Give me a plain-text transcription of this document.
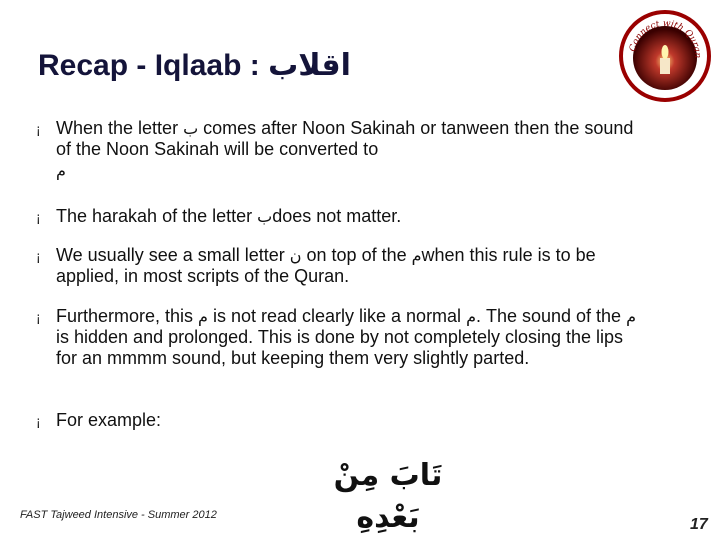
Recap - Iqlaab : اقلاب	Connect with Quran
¡ When the letter ب comes after Noon Sakinah or tanween then the sound of the Noon Sakinah will be converted to
م
¡ The harakah of the letter بdoes not matter.
¡ We usually see a small letter ن on top of the مwhen this rule is to be applied, in most scripts of the Quran.
¡ Furthermore, this م is not read clearly like a normal م. The sound of the م is hidden and prolonged. This is done by not completely closing the lips for an mmmm sound, but keeping them very slightly parted.
¡ For example:
تَابَ مِنْ بَعْدِهِ
FAST Tajweed Intensive - Summer 2012
17
